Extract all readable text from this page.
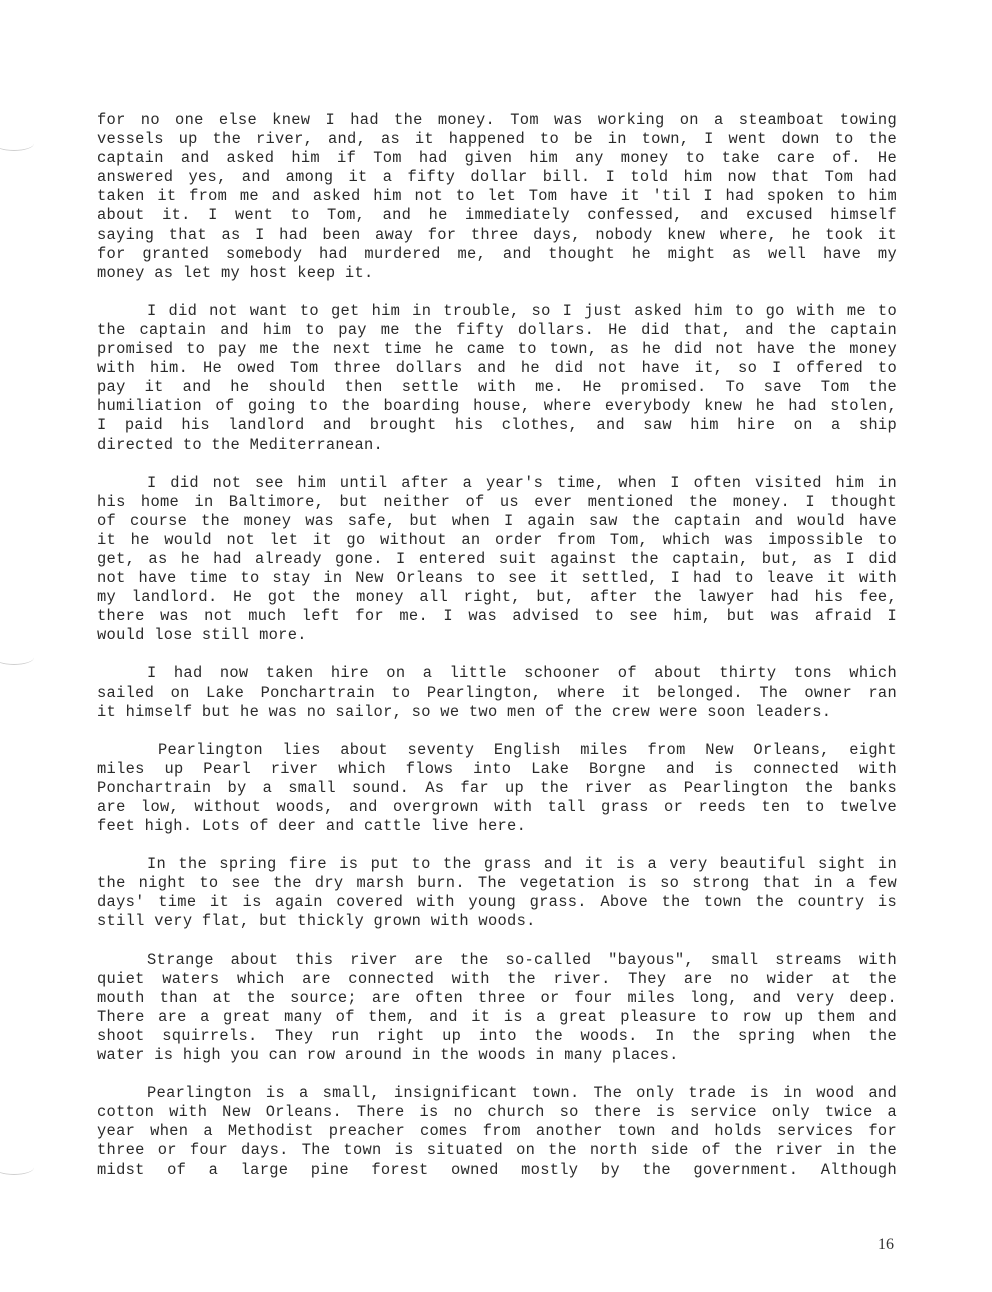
for no one else knew I had the money. Tom was working on a steamboat towing
vessels up the river, and, as it happened to be in town, I went down to the
captain and asked him if Tom had given him any money to take care of. He
answered yes, and among it a fifty dollar bill. I told him now that Tom had
taken it from me and asked him not to let Tom have it 'til I had spoken to him
about it. I went to Tom, and he immediately confessed, and excused himself
saying that as I had been away for three days, nobody knew where, he took it
for granted somebody had murdered me, and thought he might as well have my
money as let my host keep it.
I did not want to get him in trouble, so I just asked him to go with me to
the captain and him to pay me the fifty dollars. He did that, and the captain
promised to pay me the next time he came to town, as he did not have the money
with him. He owed Tom three dollars and he did not have it, so I offered to
pay it and he should then settle with me. He promised. To save Tom the
humiliation of going to the boarding house, where everybody knew he had stolen,
I paid his landlord and brought his clothes, and saw him hire on a ship
directed to the Mediterranean.
I did not see him until after a year's time, when I often visited him in
his home in Baltimore, but neither of us ever mentioned the money. I thought
of course the money was safe, but when I again saw the captain and would have
it he would not let it go without an order from Tom, which was impossible to
get, as he had already gone. I entered suit against the captain, but, as I did
not have time to stay in New Orleans to see it settled, I had to leave it with
my landlord. He got the money all right, but, after the lawyer had his fee,
there was not much left for me. I was advised to see him, but was afraid I
would lose still more.
I had now taken hire on a little schooner of about thirty tons which
sailed on Lake Ponchartrain to Pearlington, where it belonged. The owner ran
it himself but he was no sailor, so we two men of the crew were soon leaders.
Pearlington lies about seventy English miles from New Orleans, eight
miles up Pearl river which flows into Lake Borgne and is connected with
Ponchartrain by a small sound. As far up the river as Pearlington the banks
are low, without woods, and overgrown with tall grass or reeds ten to twelve
feet high. Lots of deer and cattle live here.
In the spring fire is put to the grass and it is a very beautiful sight in
the night to see the dry marsh burn. The vegetation is so strong that in a few
days' time it is again covered with young grass. Above the town the country is
still very flat, but thickly grown with woods.
Strange about this river are the so-called "bayous", small streams with
quiet waters which are connected with the river. They are no wider at the
mouth than at the source; are often three or four miles long, and very deep.
There are a great many of them, and it is a great pleasure to row up them and
shoot squirrels. They run right up into the woods. In the spring when the
water is high you can row around in the woods in many places.
Pearlington is a small, insignificant town. The only trade is in wood and
cotton with New Orleans. There is no church so there is service only twice a
year when a Methodist preacher comes from another town and holds services for
three or four days. The town is situated on the north side of the river in the
midst of a large pine forest owned mostly by the government. Although
16
